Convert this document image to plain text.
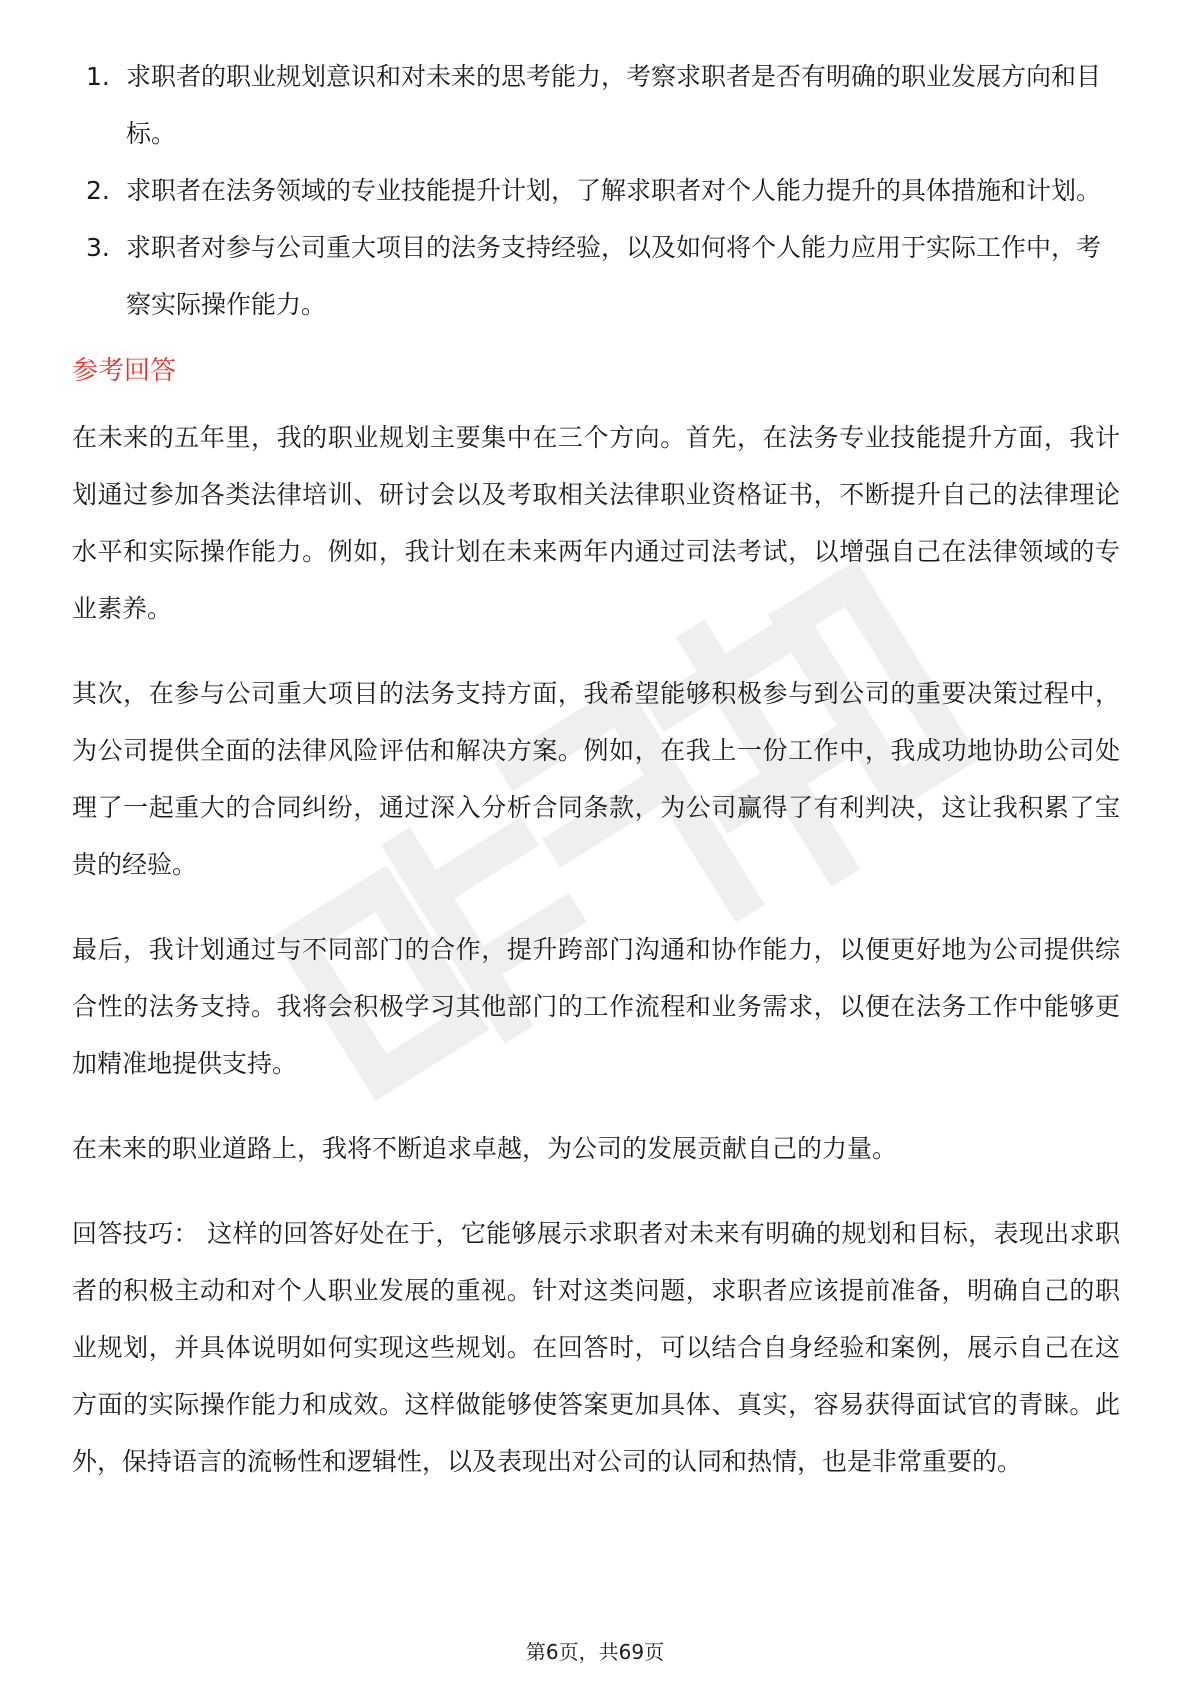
1. 求职者的职业规划意识和对未来的思考能力，考察求职者是否有明确的职业发展方向和目标。
2. 求职者在法务领域的专业技能提升计划，了解求职者对个人能力提升的具体措施和计划。
3. 求职者对参与公司重大项目的法务支持经验，以及如何将个人能力应用于实际工作中，考察实际操作能力。
参考回答

在未来的五年里，我的职业规划主要集中在三个方向。首先，在法务专业技能提升方面，我计划通过参加各类法律培训、研讨会以及考取相关法律职业资格证书，不断提升自己的法律理论水平和实际操作能力。例如，我计划在未来两年内通过司法考试，以增强自己在法律领域的专业素养。

其次，在参与公司重大项目的法务支持方面，我希望能够积极参与到公司的重要决策过程中，为公司提供全面的法律风险评估和解决方案。例如，在我上一份工作中，我成功地协助公司处理了一起重大的合同纠纷，通过深入分析合同条款，为公司赢得了有利判决，这让我积累了宝贵的经验。

最后，我计划通过与不同部门的合作，提升跨部门沟通和协作能力，以便更好地为公司提供综合性的法务支持。我将会积极学习其他部门的工作流程和业务需求，以便在法务工作中能够更加精准地提供支持。

在未来的职业道路上，我将不断追求卓越，为公司的发展贡献自己的力量。

回答技巧： 这样的回答好处在于，它能够展示求职者对未来有明确的规划和目标，表现出求职者的积极主动和对个人职业发展的重视。针对这类问题，求职者应该提前准备，明确自己的职业规划，并具体说明如何实现这些规划。在回答时，可以结合自身经验和案例，展示自己在这方面的实际操作能力和成效。这样做能够使答案更加具体、真实，容易获得面试官的青睐。此外，保持语言的流畅性和逻辑性，以及表现出对公司的认同和热情，也是非常重要的。

第6页，共69页
